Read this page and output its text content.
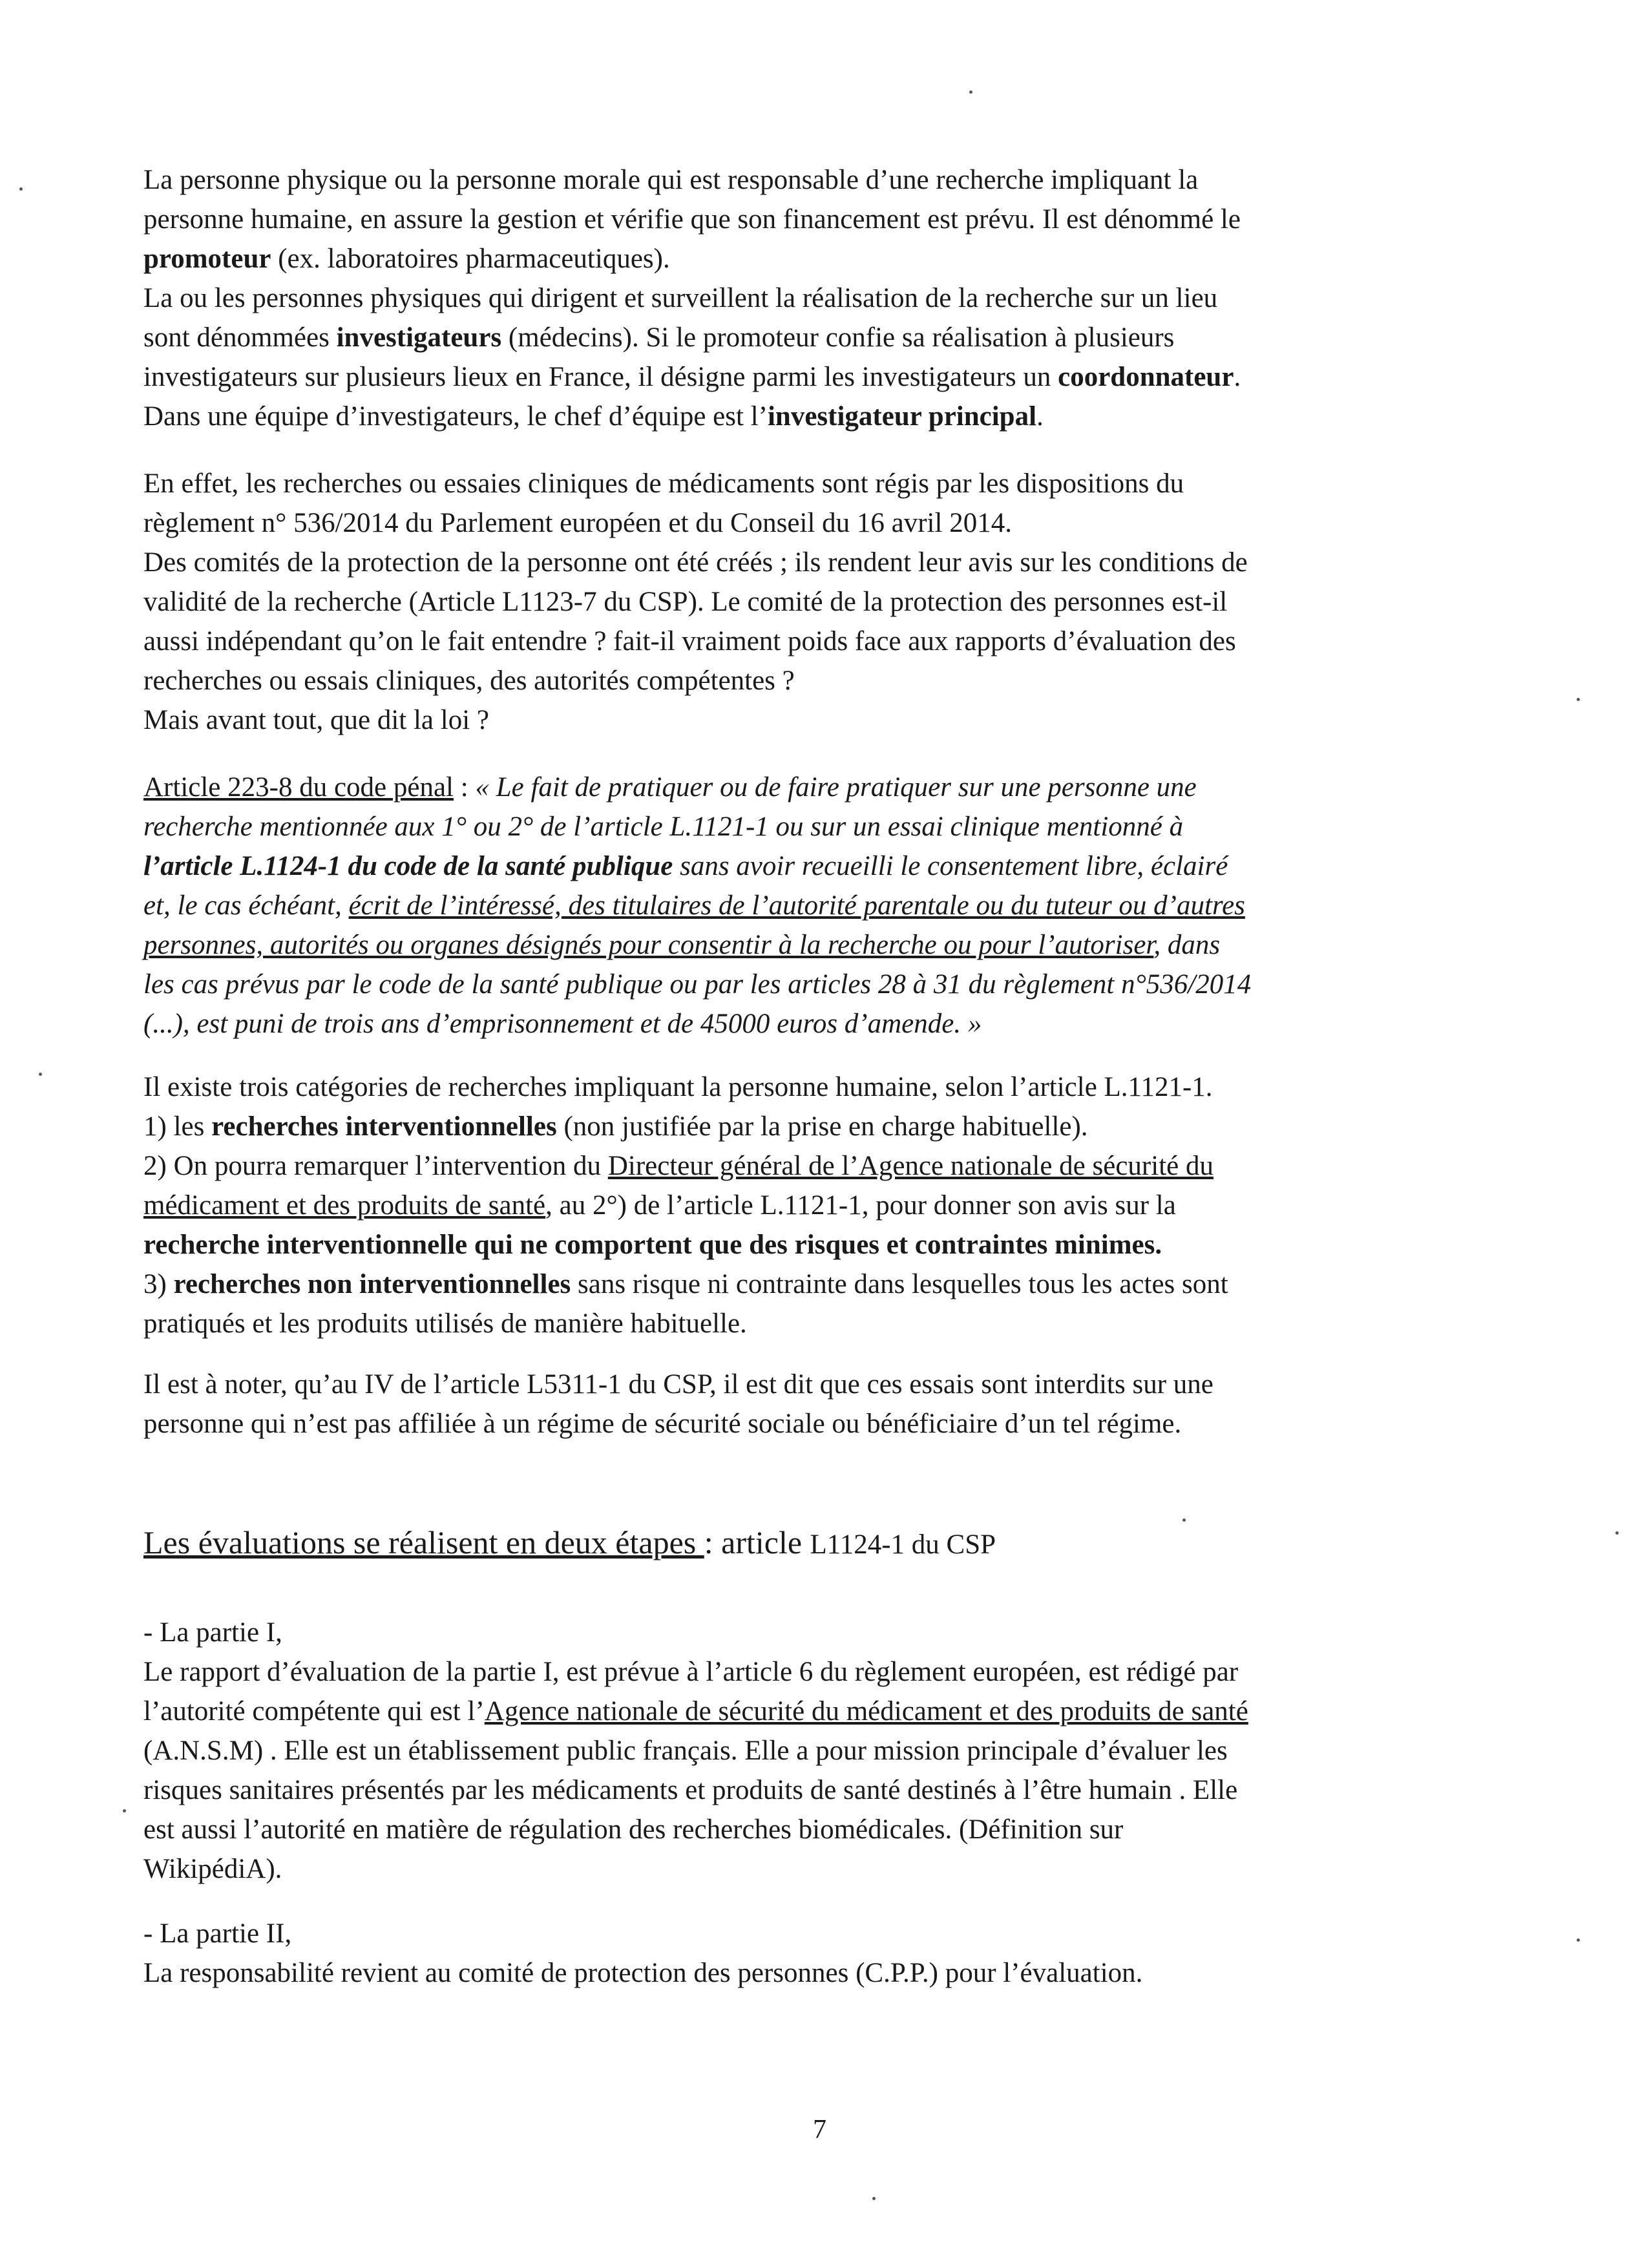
La personne physique ou la personne morale qui est responsable d’une recherche impliquant la
personne humaine, en assure la gestion et vérifie que son financement est prévu. Il est dénommé le
promoteur (ex. laboratoires pharmaceutiques).
La ou les personnes physiques qui dirigent et surveillent la réalisation de la recherche sur un lieu
sont dénommées investigateurs (médecins). Si le promoteur confie sa réalisation à plusieurs
investigateurs sur plusieurs lieux en France, il désigne parmi les investigateurs un coordonnateur.
Dans une équipe d’investigateurs, le chef d’équipe est l’investigateur principal.
En effet, les recherches ou essaies cliniques de médicaments sont régis par les dispositions du
règlement n° 536/2014 du Parlement européen et du Conseil du 16 avril 2014.
Des comités de la protection de la personne ont été créés ; ils rendent leur avis sur les conditions de
validité de la recherche (Article L1123-7 du CSP). Le comité de la protection des personnes est-il
aussi indépendant qu’on le fait entendre ? fait-il vraiment poids face aux rapports d’évaluation des
recherches ou essais cliniques, des autorités compétentes ?
Mais avant tout, que dit la loi ?
Article 223-8 du code pénal : « Le fait de pratiquer ou de faire pratiquer sur une personne une
recherche mentionnée aux 1° ou 2° de l’article L.1121-1 ou sur un essai clinique mentionné à
l’article L.1124-1 du code de la santé publique sans avoir recueilli le consentement libre, éclairé
et, le cas échéant, écrit de l’intéressé, des titulaires de l’autorité parentale ou du tuteur ou d’autres
personnes, autorités ou organes désignés pour consentir à la recherche ou pour l’autoriser, dans
les cas prévus par le code de la santé publique ou par les articles 28 à 31 du règlement n°536/2014
(...), est puni de trois ans d’emprisonnement et de 45000 euros d’amende. »
Il existe trois catégories de recherches impliquant la personne humaine, selon l’article L.1121-1.
1) les recherches interventionnelles (non justifiée par la prise en charge habituelle).
2) On pourra remarquer l’intervention du Directeur général de l’Agence nationale de sécurité du
médicament et des produits de santé, au 2°) de l’article L.1121-1, pour donner son avis sur la
recherche interventionnelle qui ne comportent que des risques et contraintes minimes.
3) recherches non interventionnelles sans risque ni contrainte dans lesquelles tous les actes sont
pratiqués et les produits utilisés de manière habituelle.
Il est à noter, qu’au IV de l’article L5311-1 du CSP, il est dit que ces essais sont interdits sur une
personne qui n’est pas affiliée à un régime de sécurité sociale ou bénéficiaire d’un tel régime.
Les évaluations se réalisent en deux étapes : article L1124-1 du CSP
- La partie I,
Le rapport d’évaluation de la partie I, est prévue à l’article 6 du règlement européen, est rédigé par
l’autorité compétente qui est l’Agence nationale de sécurité du médicament et des produits de santé
(A.N.S.M) . Elle est un établissement public français. Elle a pour mission principale d’évaluer les
risques sanitaires présentés par les médicaments et produits de santé destinés à l’être humain . Elle
est aussi l’autorité en matière de régulation des recherches biomédicales. (Définition sur
WikipédiA).
- La partie II,
La responsabilité revient au comité de protection des personnes (C.P.P.) pour l’évaluation.
7
